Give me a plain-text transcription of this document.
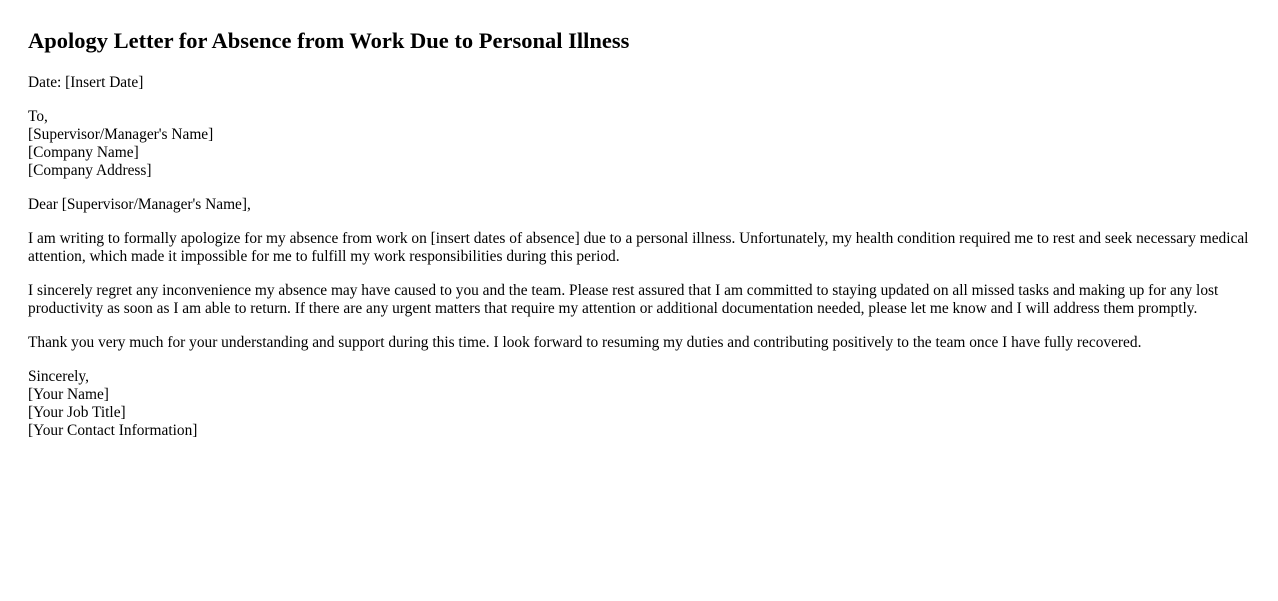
Apology Letter for Absence from Work Due to Personal Illness

Date: [Insert Date]

To,
[Supervisor/Manager's Name]
[Company Name]
[Company Address]

Dear [Supervisor/Manager's Name],

I am writing to formally apologize for my absence from work on [insert dates of absence] due to a personal illness. Unfortunately, my health condition required me to rest and seek necessary medical attention, which made it impossible for me to fulfill my work responsibilities during this period.

I sincerely regret any inconvenience my absence may have caused to you and the team. Please rest assured that I am committed to staying updated on all missed tasks and making up for any lost productivity as soon as I am able to return. If there are any urgent matters that require my attention or additional documentation needed, please let me know and I will address them promptly.

Thank you very much for your understanding and support during this time. I look forward to resuming my duties and contributing positively to the team once I have fully recovered.

Sincerely,
[Your Name]
[Your Job Title]
[Your Contact Information]
